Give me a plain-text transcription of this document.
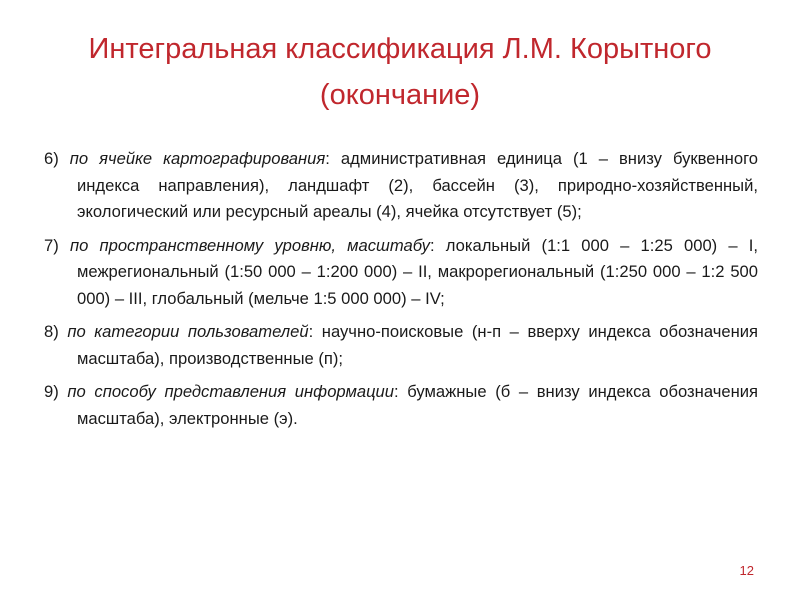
Интегральная классификация Л.М. Корытного (окончание)
6) по ячейке картографирования: административная единица (1 – внизу буквенного индекса направления), ландшафт (2), бассейн (3), природно-хозяйственный, экологический или ресурсный ареалы (4), ячейка отсутствует (5);
7) по пространственному уровню, масштабу: локальный (1:1 000 – 1:25 000) – I, межрегиональный (1:50 000 – 1:200 000) – II, макрорегиональный (1:250 000 – 1:2 500 000) – III, глобальный (мельче 1:5 000 000) – IV;
8) по категории пользователей: научно-поисковые (н-п – вверху индекса обозначения масштаба), производственные (п);
9) по способу представления информации: бумажные (б – внизу индекса обозначения масштаба), электронные (э).
12
